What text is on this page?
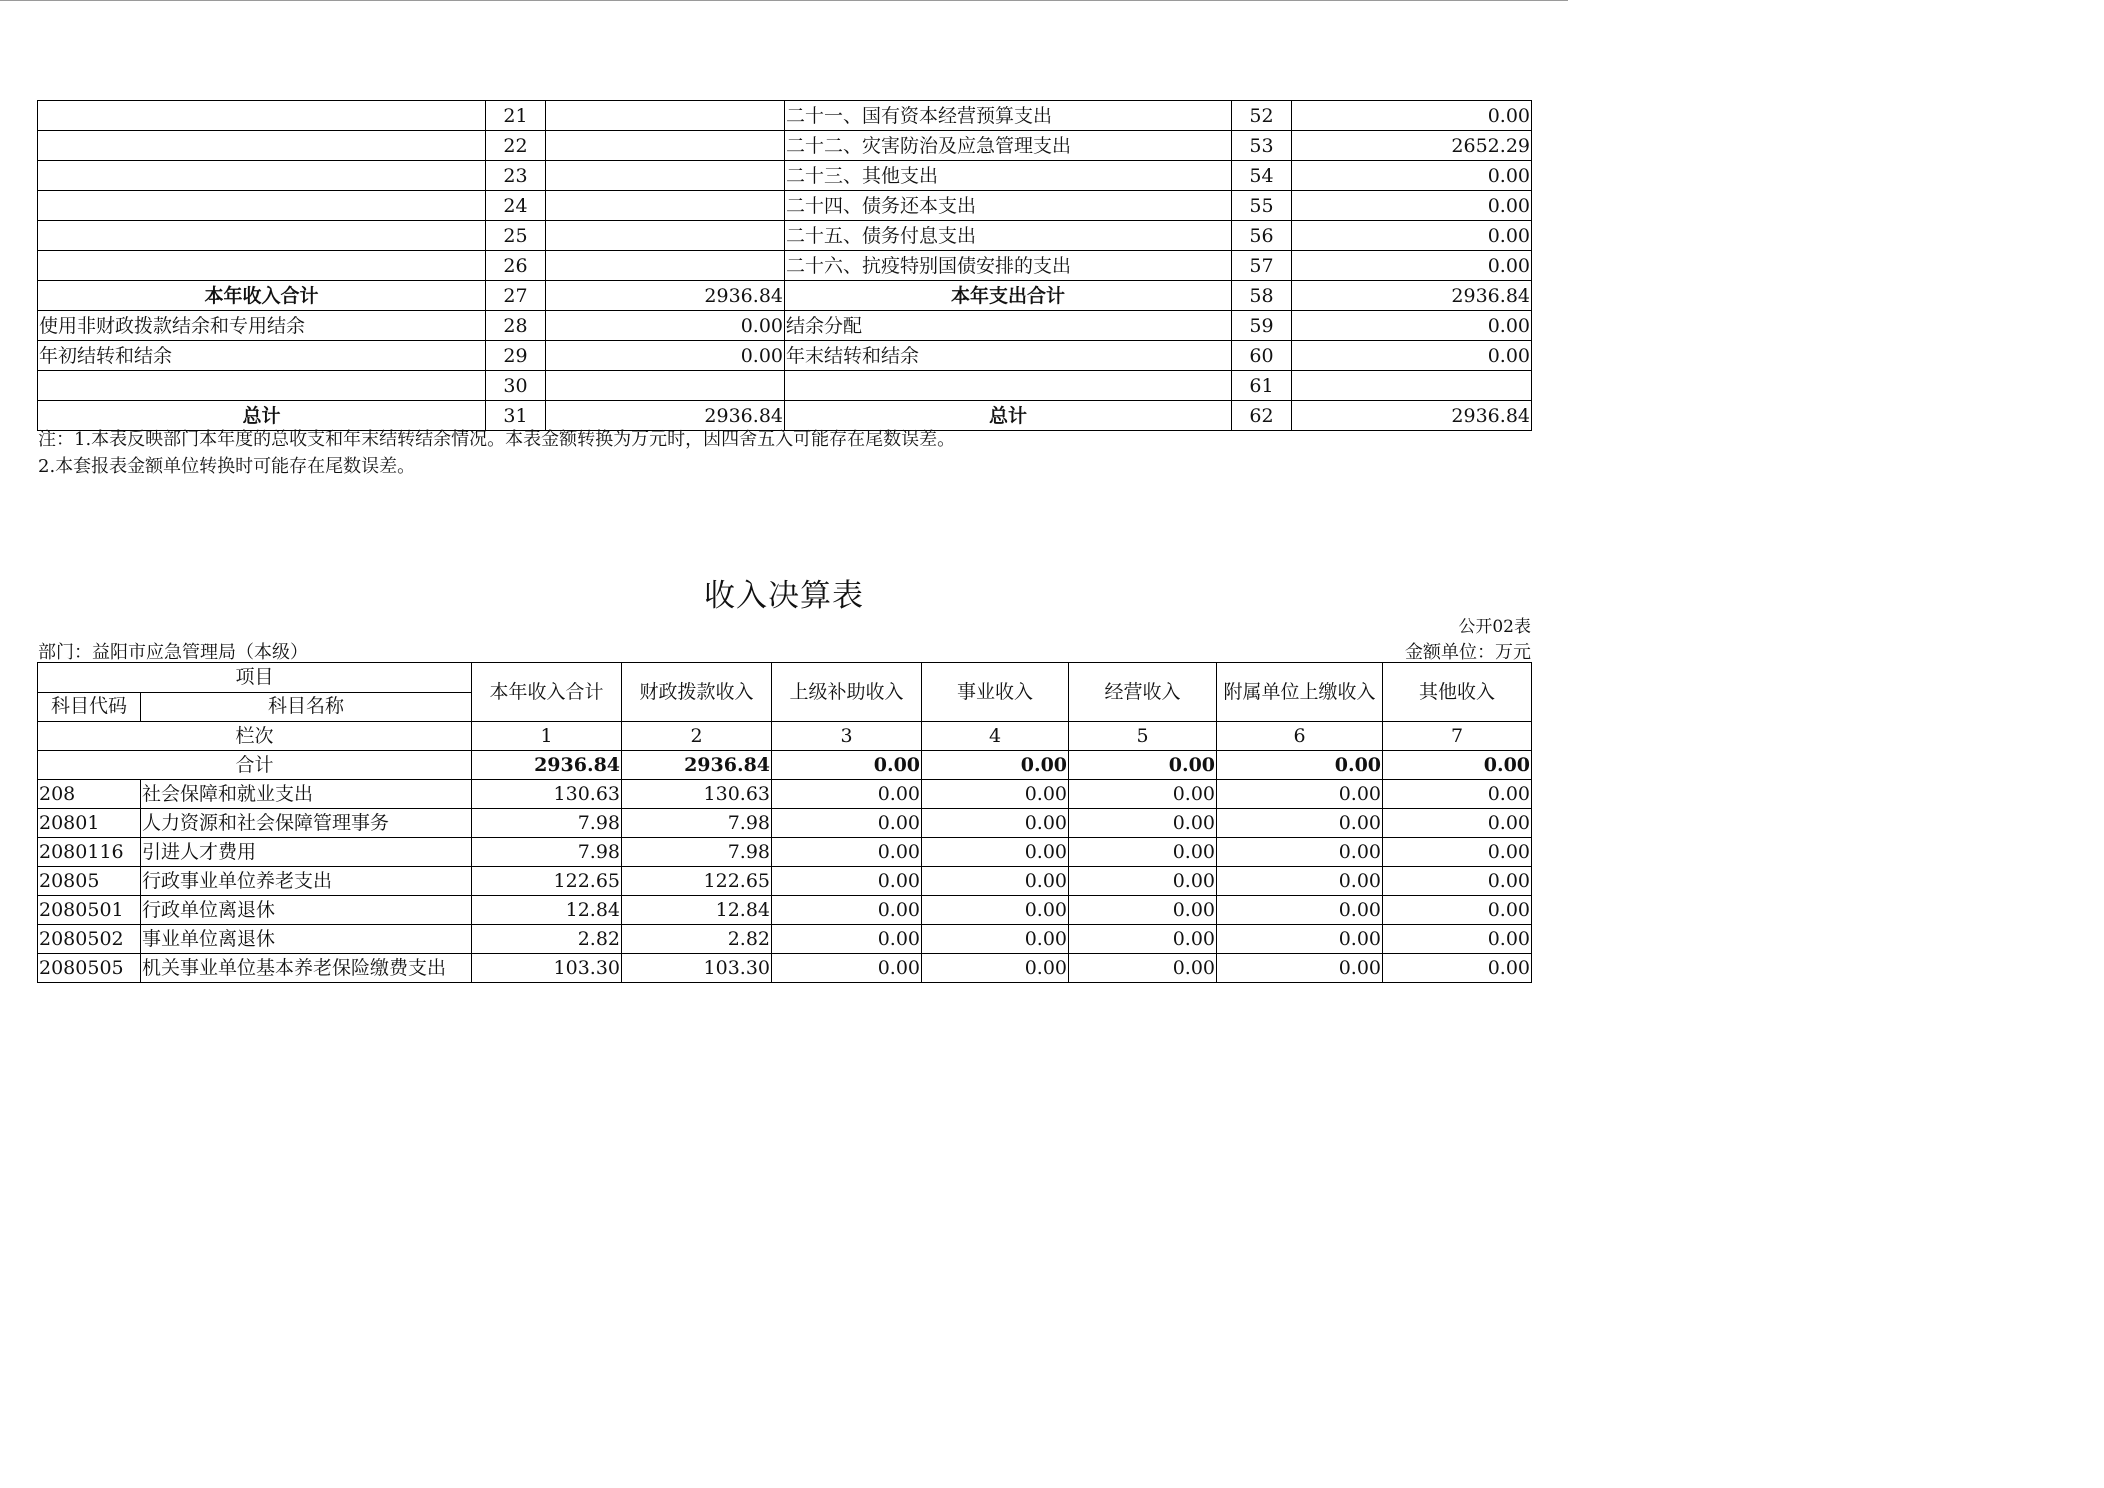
	21		二十一、国有资本经营预算支出	52	0.00
	22		二十二、灾害防治及应急管理支出	53	2652.29
	23		二十三、其他支出	54	0.00
	24		二十四、债务还本支出	55	0.00
	25		二十五、债务付息支出	56	0.00
	26		二十六、抗疫特别国债安排的支出	57	0.00
本年收入合计	27	2936.84	本年支出合计	58	2936.84
使用非财政拨款结余和专用结余	28	0.00	结余分配	59	0.00
年初结转和结余	29	0.00	年末结转和结余	60	0.00
	30			61	
总计	31	2936.84	总计	62	2936.84
注：1.本表反映部门本年度的总收支和年末结转结余情况。本表金额转换为万元时，因四舍五入可能存在尾数误差。
2.本套报表金额单位转换时可能存在尾数误差。
收入决算表
公开02表
部门：益阳市应急管理局（本级）	金额单位：万元
项目		本年收入合计	财政拨款收入	上级补助收入	事业收入	经营收入	附属单位上缴收入	其他收入
科目代码	科目名称							
栏次		1	2	3	4	5	6	7
合计		2936.84	2936.84	0.00	0.00	0.00	0.00	0.00
208	社会保障和就业支出	130.63	130.63	0.00	0.00	0.00	0.00	0.00
20801	人力资源和社会保障管理事务	7.98	7.98	0.00	0.00	0.00	0.00	0.00
2080116	引进人才费用	7.98	7.98	0.00	0.00	0.00	0.00	0.00
20805	行政事业单位养老支出	122.65	122.65	0.00	0.00	0.00	0.00	0.00
2080501	行政单位离退休	12.84	12.84	0.00	0.00	0.00	0.00	0.00
2080502	事业单位离退休	2.82	2.82	0.00	0.00	0.00	0.00	0.00
2080505	机关事业单位基本养老保险缴费支出	103.30	103.30	0.00	0.00	0.00	0.00	0.00
